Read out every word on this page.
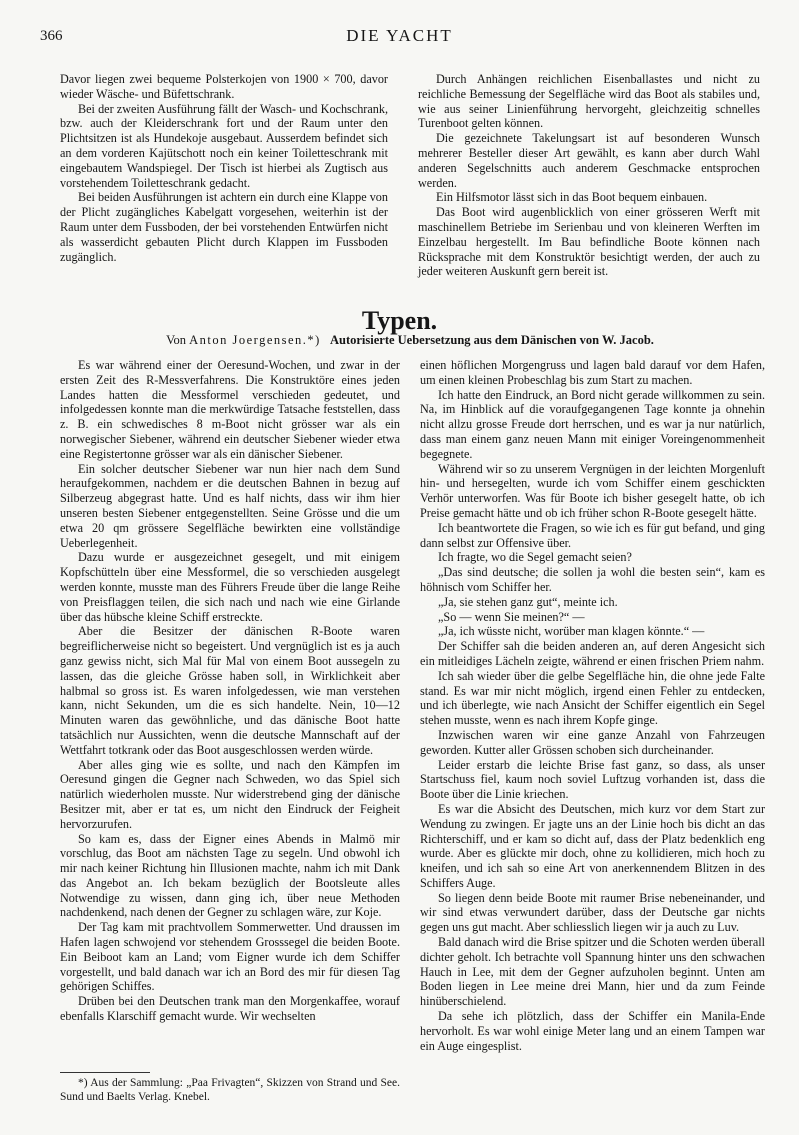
366	DIE YACHT

Davor liegen zwei bequeme Polsterkojen von 1900 × 700, davor wieder Wäsche- und Büfettschrank.

Bei der zweiten Ausführung fällt der Wasch- und Kochschrank, bzw. auch der Kleiderschrank fort und der Raum unter den Plichtsitzen ist als Hundekoje ausgebaut. Ausserdem befindet sich an dem vorderen Kajütschott noch ein keiner Toiletteschrank mit eingebautem Wandspiegel. Der Tisch ist hierbei als Zugtisch aus vorstehendem Toiletteschrank gedacht.

Bei beiden Ausführungen ist achtern ein durch eine Klappe von der Plicht zugängliches Kabelgatt vorgesehen, weiterhin ist der Raum unter dem Fussboden, der bei vorstehenden Entwürfen nicht als wasserdicht gebauten Plicht durch Klappen im Fussboden zugänglich.

Durch Anhängen reichlichen Eisenballastes und nicht zu reichliche Bemessung der Segelfläche wird das Boot als stabiles und, wie aus seiner Linienführung hervorgeht, gleichzeitig schnelles Turenboot gelten können.

Die gezeichnete Takelungsart ist auf besonderen Wunsch mehrerer Besteller dieser Art gewählt, es kann aber durch Wahl anderen Segelschnitts auch anderem Geschmacke entsprochen werden.

Ein Hilfsmotor lässt sich in das Boot bequem einbauen.

Das Boot wird augenblicklich von einer grösseren Werft mit maschinellem Betriebe im Serienbau und von kleineren Werften im Einzelbau hergestellt. Im Bau befindliche Boote können nach Rücksprache mit dem Konstruktör besichtigt werden, der auch zu jeder weiteren Auskunft gern bereit ist.

Typen.
Von Anton Joergensen.*) Autorisierte Uebersetzung aus dem Dänischen von W. Jacob.

Es war während einer der Oeresund-Wochen, und zwar in der ersten Zeit des R-Messverfahrens. Die Konstruktöre eines jeden Landes hatten die Messformel verschieden gedeutet, und infolgedessen konnte man die merkwürdige Tatsache feststellen, dass z. B. ein schwedisches 8 m-Boot nicht grösser war als ein norwegischer Siebener, während ein deutscher Siebener wieder etwa eine Registertonne grösser war als ein dänischer Siebener.

Ein solcher deutscher Siebener war nun hier nach dem Sund heraufgekommen, nachdem er die deutschen Bahnen in bezug auf Silberzeug abgegrast hatte. Und es half nichts, dass wir ihm hier unseren besten Siebener entgegenstellten. Seine Grösse und die um etwa 20 qm grössere Segelfläche bewirkten eine vollständige Ueberlegenheit.

Dazu wurde er ausgezeichnet gesegelt, und mit einigem Kopfschütteln über eine Messformel, die so verschieden ausgelegt werden konnte, musste man des Führers Freude über die lange Reihe von Preisflaggen teilen, die sich nach und nach wie eine Girlande über das hübsche kleine Schiff erstreckte.

Aber die Besitzer der dänischen R-Boote waren begreiflicherweise nicht so begeistert. Und vergnüglich ist es ja auch ganz gewiss nicht, sich Mal für Mal von einem Boot aussegeln zu lassen, das die gleiche Grösse haben soll, in Wirklichkeit aber halbmal so gross ist. Es waren infolgedessen, wie man verstehen kann, nicht Sekunden, um die es sich handelte. Nein, 10—12 Minuten waren das gewöhnliche, und das dänische Boot hatte tatsächlich nur Aussichten, wenn die deutsche Mannschaft auf der Wettfahrt totkrank oder das Boot ausgeschlossen werden würde.

Aber alles ging wie es sollte, und nach den Kämpfen im Oeresund gingen die Gegner nach Schweden, wo das Spiel sich natürlich wiederholen musste. Nur widerstrebend ging der dänische Besitzer mit, aber er tat es, um nicht den Eindruck der Feigheit hervorzurufen.

So kam es, dass der Eigner eines Abends in Malmö mir vorschlug, das Boot am nächsten Tage zu segeln. Und obwohl ich mir nach keiner Richtung hin Illusionen machte, nahm ich mit Dank das Angebot an. Ich bekam bezüglich der Bootsleute alles Notwendige zu wissen, dann ging ich, über neue Methoden nachdenkend, nach denen der Gegner zu schlagen wäre, zur Koje.

Der Tag kam mit prachtvollem Sommerwetter. Und draussen im Hafen lagen schwojend vor stehendem Grosssegel die beiden Boote. Ein Beiboot kam an Land; vom Eigner wurde ich dem Schiffer vorgestellt, und bald danach war ich an Bord des mir für diesen Tag gehörigen Schiffes.

Drüben bei den Deutschen trank man den Morgenkaffee, worauf ebenfalls Klarschiff gemacht wurde. Wir wechselten

einen höflichen Morgengruss und lagen bald darauf vor dem Hafen, um einen kleinen Probeschlag bis zum Start zu machen.

Ich hatte den Eindruck, an Bord nicht gerade willkommen zu sein. Na, im Hinblick auf die voraufgegangenen Tage konnte ja ohnehin nicht allzu grosse Freude dort herrschen, und es war ja nur natürlich, dass man einem ganz neuen Mann mit einiger Voreingenommenheit begegnete.

Während wir so zu unserem Vergnügen in der leichten Morgenluft hin- und hersegelten, wurde ich vom Schiffer einem geschickten Verhör unterworfen. Was für Boote ich bisher gesegelt hatte, ob ich Preise gemacht hätte und ob ich früher schon R-Boote gesegelt hätte.

Ich beantwortete die Fragen, so wie ich es für gut befand, und ging dann selbst zur Offensive über.

Ich fragte, wo die Segel gemacht seien?

„Das sind deutsche; die sollen ja wohl die besten sein“, kam es höhnisch vom Schiffer her.

„Ja, sie stehen ganz gut“, meinte ich.

„So — wenn Sie meinen?“ —

„Ja, ich wüsste nicht, worüber man klagen könnte.“ —

Der Schiffer sah die beiden anderen an, auf deren Angesicht sich ein mitleidiges Lächeln zeigte, während er einen frischen Priem nahm.

Ich sah wieder über die gelbe Segelfläche hin, die ohne jede Falte stand. Es war mir nicht möglich, irgend einen Fehler zu entdecken, und ich überlegte, wie nach Ansicht der Schiffer eigentlich ein Segel stehen musste, wenn es nach ihrem Kopfe ginge.

Inzwischen waren wir eine ganze Anzahl von Fahrzeugen geworden. Kutter aller Grössen schoben sich durcheinander.

Leider erstarb die leichte Brise fast ganz, so dass, als unser Startschuss fiel, kaum noch soviel Luftzug vorhanden ist, dass die Boote über die Linie kriechen.

Es war die Absicht des Deutschen, mich kurz vor dem Start zur Wendung zu zwingen. Er jagte uns an der Linie hoch bis dicht an das Richterschiff, und er kam so dicht auf, dass der Platz bedenklich eng wurde. Aber es glückte mir doch, ohne zu kollidieren, mich hoch zu kneifen, und ich sah so eine Art von anerkennendem Blitzen in des Schiffers Auge.

So liegen denn beide Boote mit raumer Brise nebeneinander, und wir sind etwas verwundert darüber, dass der Deutsche gar nichts gegen uns gut macht. Aber schliesslich liegen wir ja auch zu Luv.

Bald danach wird die Brise spitzer und die Schoten werden überall dichter geholt. Ich betrachte voll Spannung hinter uns den schwachen Hauch in Lee, mit dem der Gegner aufzuholen beginnt. Unten am Boden liegen in Lee meine drei Mann, hier und da zum Feinde hinüberschielend.

Da sehe ich plötzlich, dass der Schiffer ein Manila-Ende hervorholt. Es war wohl einige Meter lang und an einem Tampen war ein Auge eingesplist.

*) Aus der Sammlung: „Paa Frivagten“, Skizzen von Strand und See. Sund und Baelts Verlag. Knebel.
